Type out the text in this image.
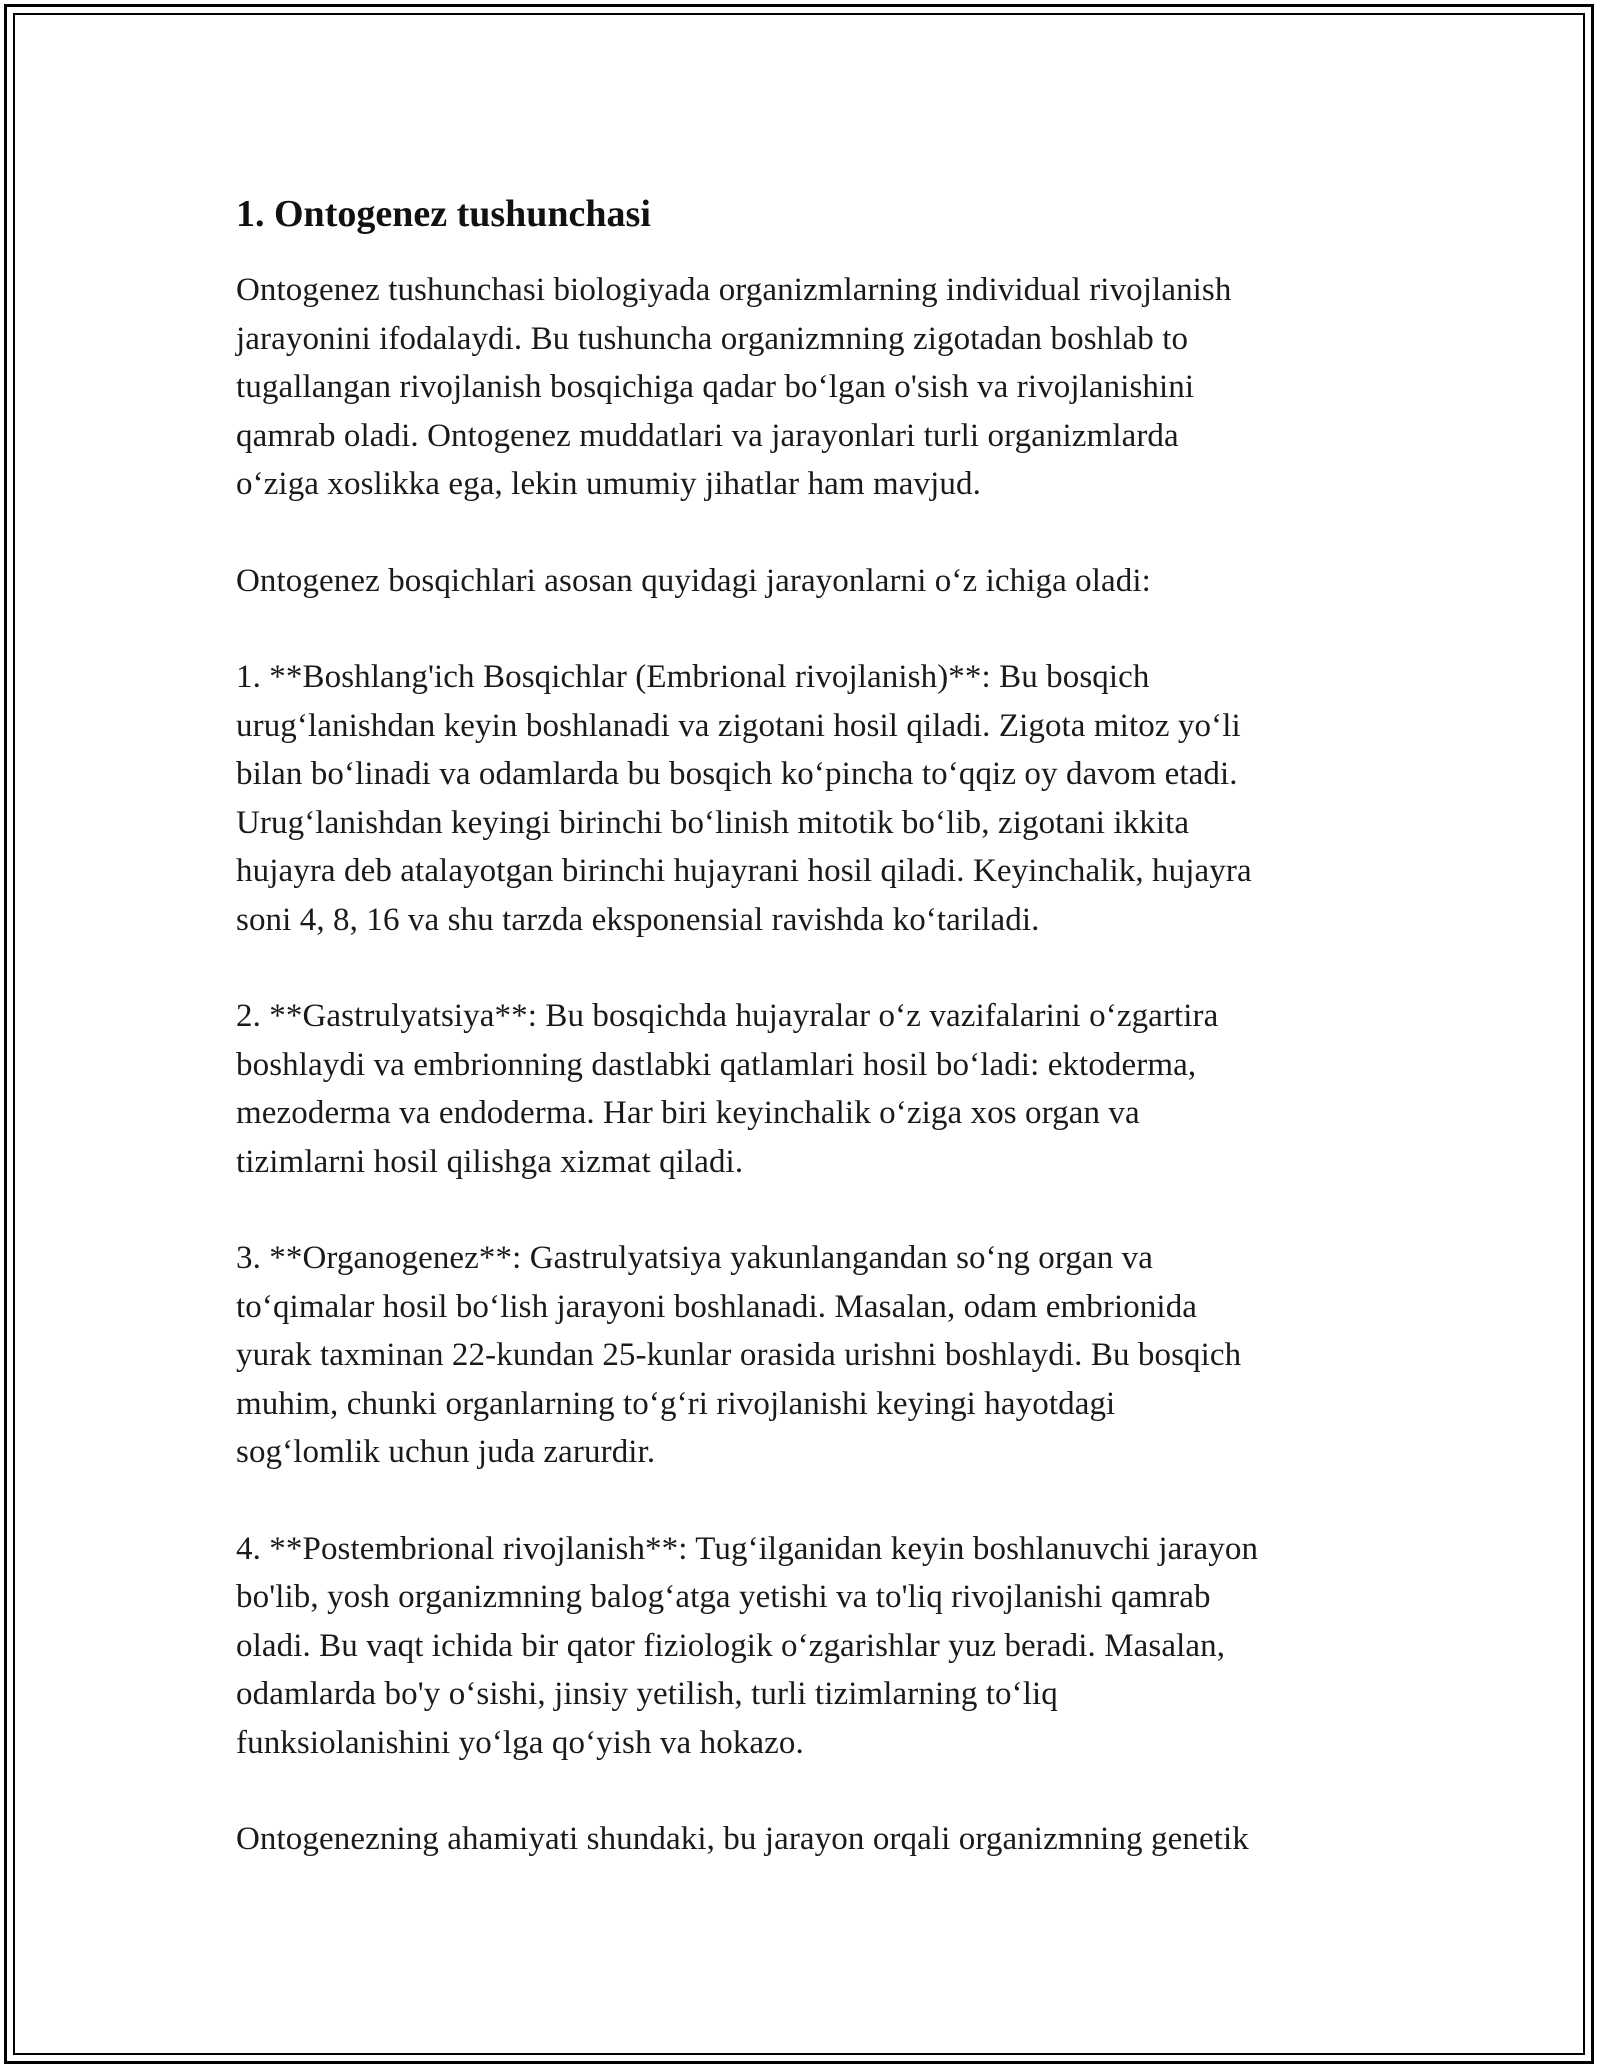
1. Ontogenez tushunchasi

Ontogenez tushunchasi biologiyada organizmlarning individual rivojlanish
jarayonini ifodalaydi. Bu tushuncha organizmning zigotadan boshlab to
tugallangan rivojlanish bosqichiga qadar bo‘lgan o'sish va rivojlanishini
qamrab oladi. Ontogenez muddatlari va jarayonlari turli organizmlarda
o‘ziga xoslikka ega, lekin umumiy jihatlar ham mavjud.

Ontogenez bosqichlari asosan quyidagi jarayonlarni o‘z ichiga oladi:

1. **Boshlang'ich Bosqichlar (Embrional rivojlanish)**: Bu bosqich
urug‘lanishdan keyin boshlanadi va zigotani hosil qiladi. Zigota mitoz yo‘li
bilan bo‘linadi va odamlarda bu bosqich ko‘pincha to‘qqiz oy davom etadi.
Urug‘lanishdan keyingi birinchi bo‘linish mitotik bo‘lib, zigotani ikkita
hujayra deb atalayotgan birinchi hujayrani hosil qiladi. Keyinchalik, hujayra
soni 4, 8, 16 va shu tarzda eksponensial ravishda ko‘tariladi.

2. **Gastrulyatsiya**: Bu bosqichda hujayralar o‘z vazifalarini o‘zgartira
boshlaydi va embrionning dastlabki qatlamlari hosil bo‘ladi: ektoderma,
mezoderma va endoderma. Har biri keyinchalik o‘ziga xos organ va
tizimlarni hosil qilishga xizmat qiladi.

3. **Organogenez**: Gastrulyatsiya yakunlangandan so‘ng organ va
to‘qimalar hosil bo‘lish jarayoni boshlanadi. Masalan, odam embrionida
yurak taxminan 22-kundan 25-kunlar orasida urishni boshlaydi. Bu bosqich
muhim, chunki organlarning to‘g‘ri rivojlanishi keyingi hayotdagi
sog‘lomlik uchun juda zarurdir.

4. **Postembrional rivojlanish**: Tug‘ilganidan keyin boshlanuvchi jarayon
bo'lib, yosh organizmning balog‘atga yetishi va to'liq rivojlanishi qamrab
oladi. Bu vaqt ichida bir qator fiziologik o‘zgarishlar yuz beradi. Masalan,
odamlarda bo'y o‘sishi, jinsiy yetilish, turli tizimlarning to‘liq
funksiolanishini yo‘lga qo‘yish va hokazo.

Ontogenezning ahamiyati shundaki, bu jarayon orqali organizmning genetik
